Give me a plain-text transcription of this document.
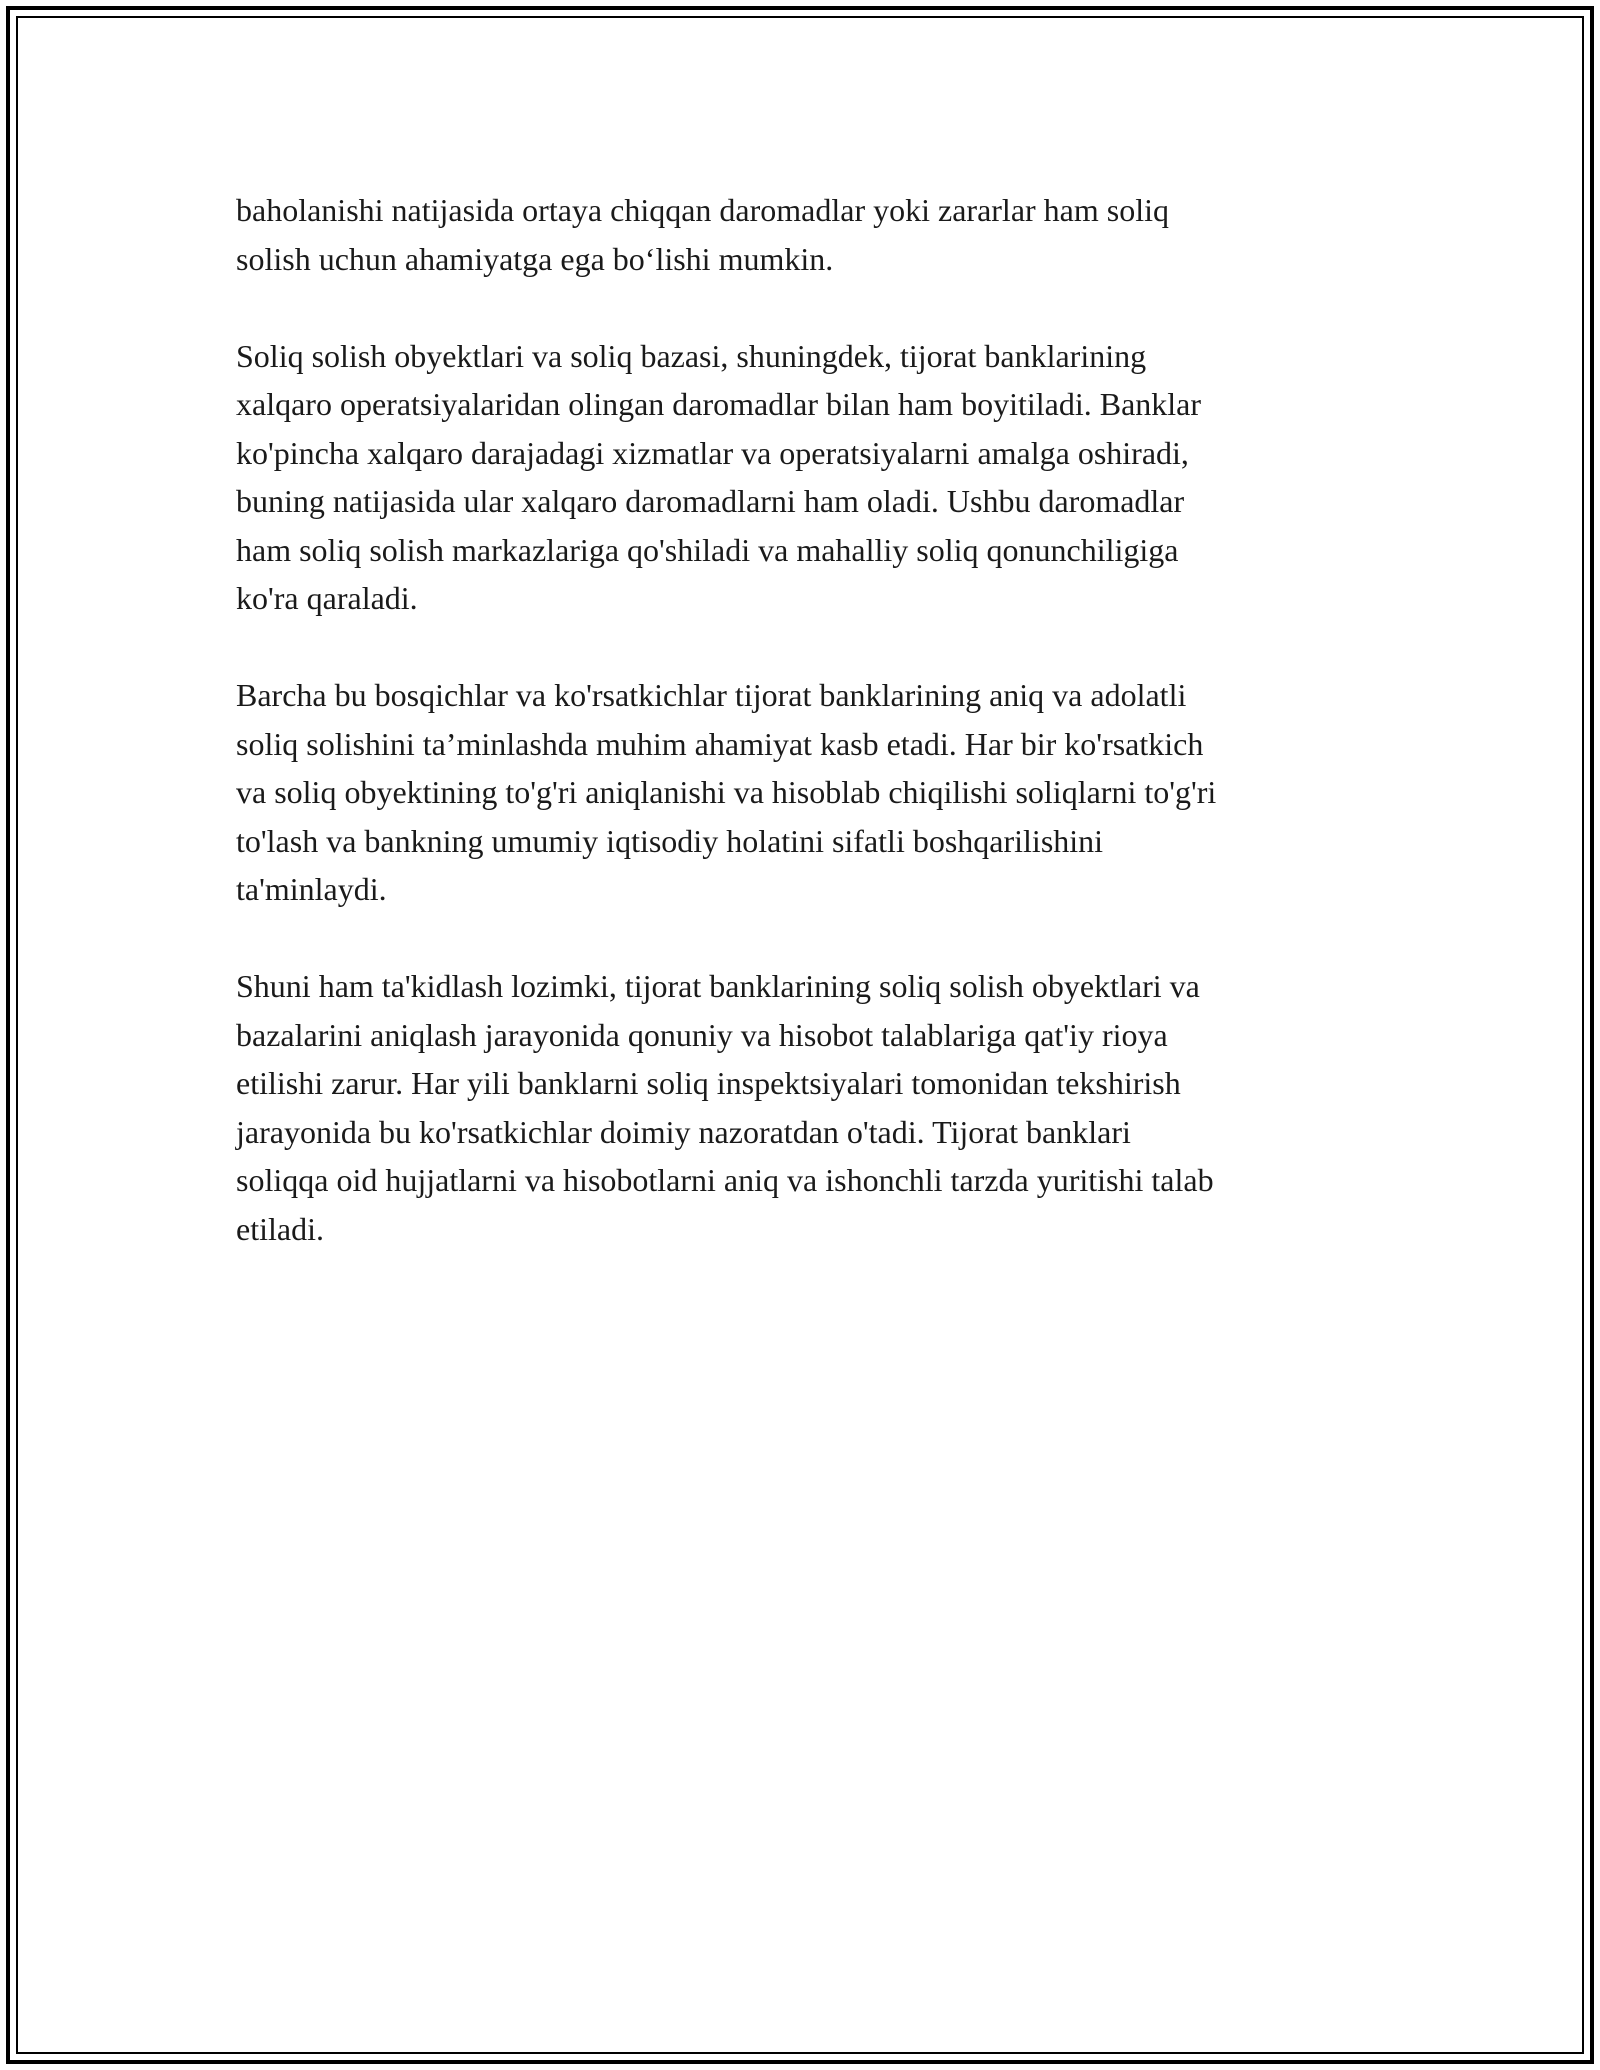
baholanishi natijasida ortaya chiqqan daromadlar yoki zararlar ham soliq
solish uchun ahamiyatga ega bo‘lishi mumkin.

Soliq solish obyektlari va soliq bazasi, shuningdek, tijorat banklarining
xalqaro operatsiyalaridan olingan daromadlar bilan ham boyitiladi. Banklar
ko'pincha xalqaro darajadagi xizmatlar va operatsiyalarni amalga oshiradi,
buning natijasida ular xalqaro daromadlarni ham oladi. Ushbu daromadlar
ham soliq solish markazlariga qo'shiladi va mahalliy soliq qonunchiligiga
ko'ra qaraladi.

Barcha bu bosqichlar va ko'rsatkichlar tijorat banklarining aniq va adolatli
soliq solishini ta’minlashda muhim ahamiyat kasb etadi. Har bir ko'rsatkich
va soliq obyektining to'g'ri aniqlanishi va hisoblab chiqilishi soliqlarni to'g'ri
to'lash va bankning umumiy iqtisodiy holatini sifatli boshqarilishini
ta'minlaydi.

Shuni ham ta'kidlash lozimki, tijorat banklarining soliq solish obyektlari va
bazalarini aniqlash jarayonida qonuniy va hisobot talablariga qat'iy rioya
etilishi zarur. Har yili banklarni soliq inspektsiyalari tomonidan tekshirish
jarayonida bu ko'rsatkichlar doimiy nazoratdan o'tadi. Tijorat banklari
soliqqa oid hujjatlarni va hisobotlarni aniq va ishonchli tarzda yuritishi talab
etiladi.
